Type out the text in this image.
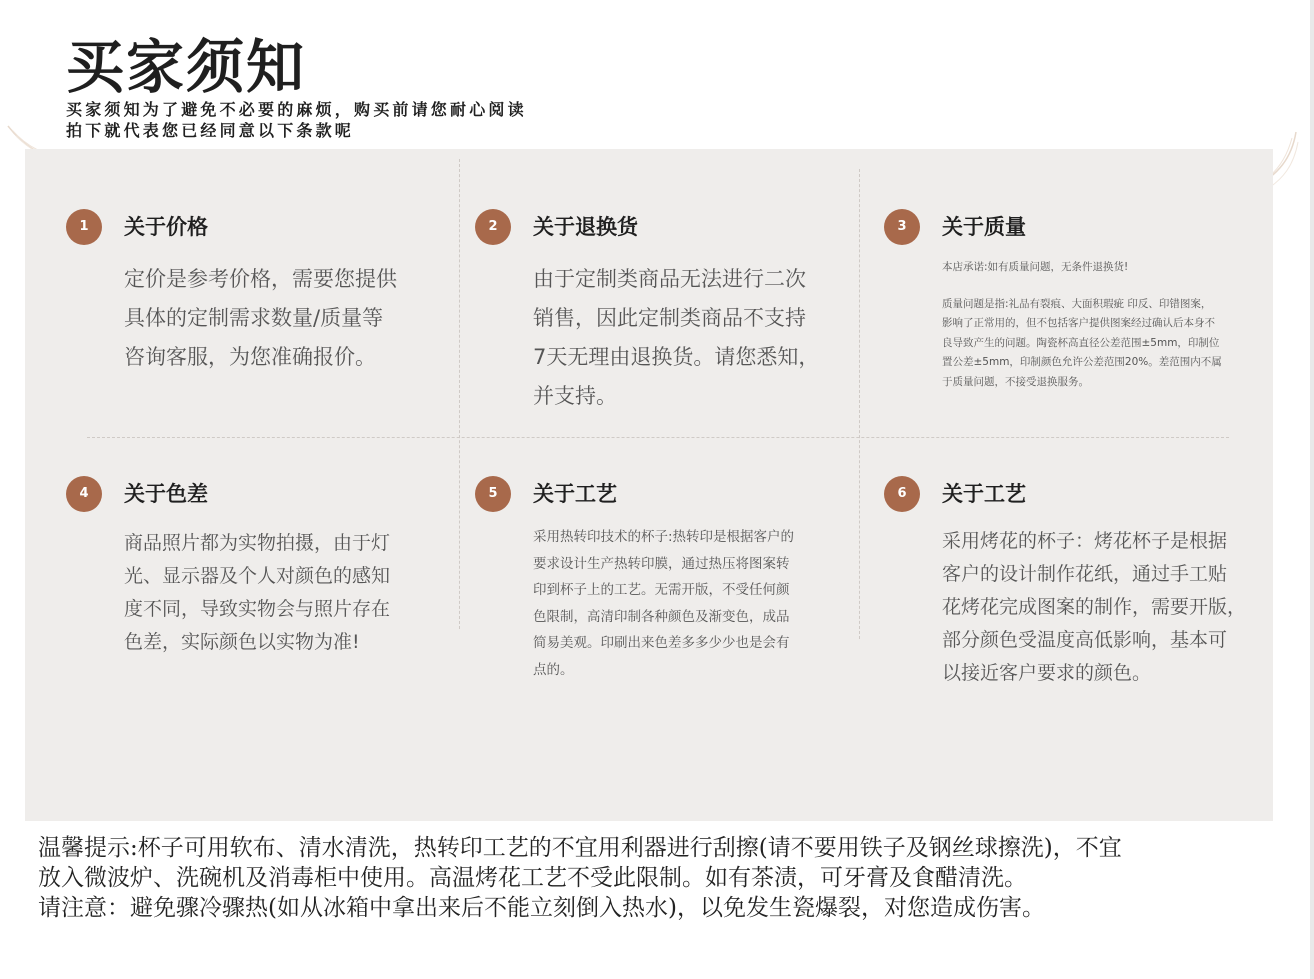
买家须知
买家须知为了避免不必要的麻烦，购买前请您耐心阅读
拍下就代表您已经同意以下条款呢
1	关于价格
定价是参考价格，需要您提供
具体的定制需求数量/质量等
咨询客服，为您准确报价。
2	关于退换货
由于定制类商品无法进行二次
销售，因此定制类商品不支持
7天无理由退换货。请您悉知，
并支持。
3	关于质量

本店承诺:如有质量问题，无条件退换货!

质量问题是指:礼品有裂痕、大面积瑕疵 印反、印错图案，

影响了正常用的，但不包括客户提供图案经过确认后本身不

良导致产生的问题。陶瓷杯高直径公差范围±5mm，印制位

置公差±5mm，印制颜色允许公差范围20%。差范围内不属

于质量问题，不接受退换服务。

4	关于色差
商品照片都为实物拍摄，由于灯
光、显示器及个人对颜色的感知
度不同，导致实物会与照片存在
色差，实际颜色以实物为准!
5	关于工艺
采用热转印技术的杯子:热转印是根据客户的
要求设计生产热转印膜，通过热压将图案转
印到杯子上的工艺。无需开版，不受任何颜
色限制，高清印制各种颜色及渐变色，成品
简易美观。印刷出来色差多多少少也是会有
点的。
6	关于工艺
采用烤花的杯子：烤花杯子是根据
客户的设计制作花纸，通过手工贴
花烤花完成图案的制作，需要开版，
部分颜色受温度高低影响，基本可
以接近客户要求的颜色。
温馨提示:杯子可用软布、清水清洗，热转印工艺的不宜用利器进行刮擦(请不要用铁子及钢丝球擦洗)，不宜
放入微波炉、洗碗机及消毒柜中使用。高温烤花工艺不受此限制。如有茶渍，可牙膏及食醋清洗。
请注意：避免骤冷骤热(如从冰箱中拿出来后不能立刻倒入热水)，以免发生瓷爆裂，对您造成伤害。
